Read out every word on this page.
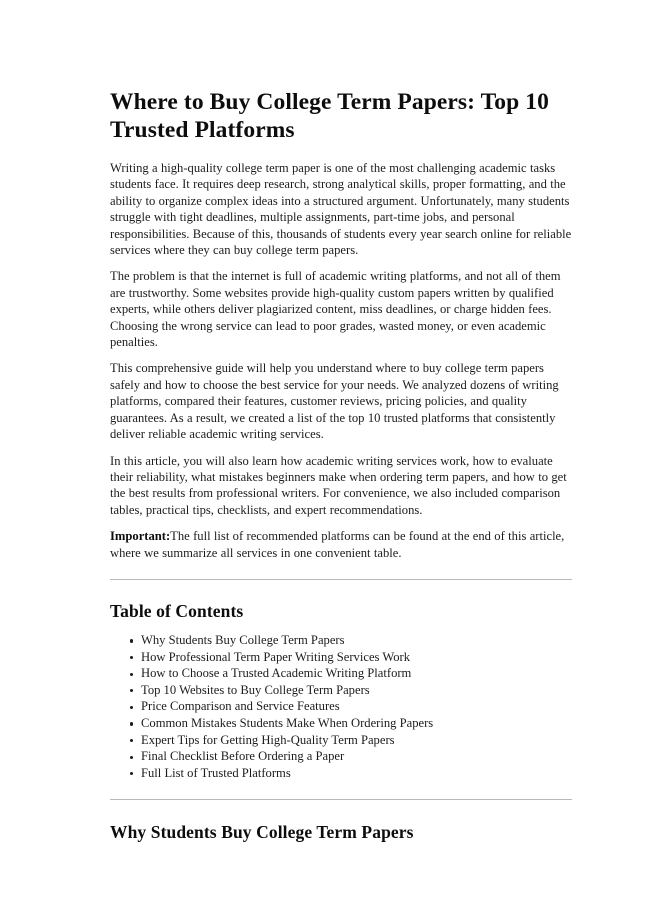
Where to Buy College Term Papers: Top 10 Trusted Platforms

Writing a high-quality college term paper is one of the most challenging academic tasks students face. It requires deep research, strong analytical skills, proper formatting, and the ability to organize complex ideas into a structured argument. Unfortunately, many students struggle with tight deadlines, multiple assignments, part-time jobs, and personal responsibilities. Because of this, thousands of students every year search online for reliable services where they can buy college term papers.

The problem is that the internet is full of academic writing platforms, and not all of them are trustworthy. Some websites provide high-quality custom papers written by qualified experts, while others deliver plagiarized content, miss deadlines, or charge hidden fees. Choosing the wrong service can lead to poor grades, wasted money, or even academic penalties.

This comprehensive guide will help you understand where to buy college term papers safely and how to choose the best service for your needs. We analyzed dozens of writing platforms, compared their features, customer reviews, pricing policies, and quality guarantees. As a result, we created a list of the top 10 trusted platforms that consistently deliver reliable academic writing services.

In this article, you will also learn how academic writing services work, how to evaluate their reliability, what mistakes beginners make when ordering term papers, and how to get the best results from professional writers. For convenience, we also included comparison tables, practical tips, checklists, and expert recommendations.

Important:The full list of recommended platforms can be found at the end of this article, where we summarize all services in one convenient table.

Table of Contents
Why Students Buy College Term Papers
How Professional Term Paper Writing Services Work
How to Choose a Trusted Academic Writing Platform
Top 10 Websites to Buy College Term Papers
Price Comparison and Service Features
Common Mistakes Students Make When Ordering Papers
Expert Tips for Getting High-Quality Term Papers
Final Checklist Before Ordering a Paper
Full List of Trusted Platforms
Why Students Buy College Term Papers
